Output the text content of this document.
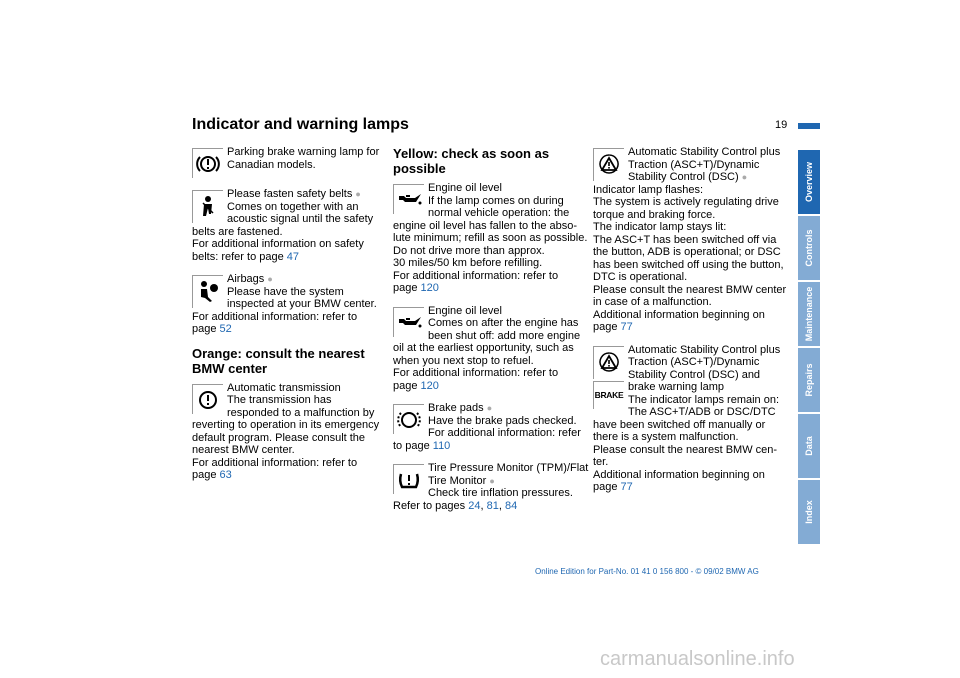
Indicator and warning lamps	19
Parking brake warning lamp for
Canadian models.
Please fasten safety belts ●
Comes on together with an
acoustic signal until the safety
belts are fastened.
For additional information on safety
belts: refer to page 47
Airbags ●
Please have the system
inspected at your BMW center.
For additional information: refer to
page 52
Orange: consult the nearest BMW center
Automatic transmission
The transmission has
responded to a malfunction by
reverting to operation in its emergency
default program. Please consult the
nearest BMW center.
For additional information: refer to
page 63
Yellow: check as soon as possible
Engine oil level
If the lamp comes on during
normal vehicle operation: the
engine oil level has fallen to the abso-
lute minimum; refill as soon as possible.
Do not drive more than approx.
30 miles/50 km before refilling.
For additional information: refer to
page 120
Engine oil level
Comes on after the engine has
been shut off: add more engine
oil at the earliest opportunity, such as
when you next stop to refuel.
For additional information: refer to
page 120
Brake pads ●
Have the brake pads checked.
For additional information: refer
to page 110
Tire Pressure Monitor (TPM)/Flat
Tire Monitor ●
Check tire inflation pressures.
Refer to pages 24, 81, 84
Automatic Stability Control plus
Traction (ASC+T)/Dynamic
Stability Control (DSC) ●
Indicator lamp flashes:
The system is actively regulating drive
torque and braking force.
The indicator lamp stays lit:
The ASC+T has been switched off via
the button, ADB is operational; or DSC
has been switched off using the button,
DTC is operational.
Please consult the nearest BMW center
in case of a malfunction.
Additional information beginning on
page 77
BRAKE
Automatic Stability Control plus
Traction (ASC+T)/Dynamic
Stability Control (DSC) and
brake warning lamp
The indicator lamps remain on:
The ASC+T/ADB or DSC/DTC
have been switched off manually or
there is a system malfunction.
Please consult the nearest BMW cen-
ter.
Additional information beginning on
page 77
Overview
Controls
Maintenance
Repairs
Data
Index
Online Edition for Part-No. 01 41 0 156 800 - © 09/02 BMW AG
carmanualsonline.info
